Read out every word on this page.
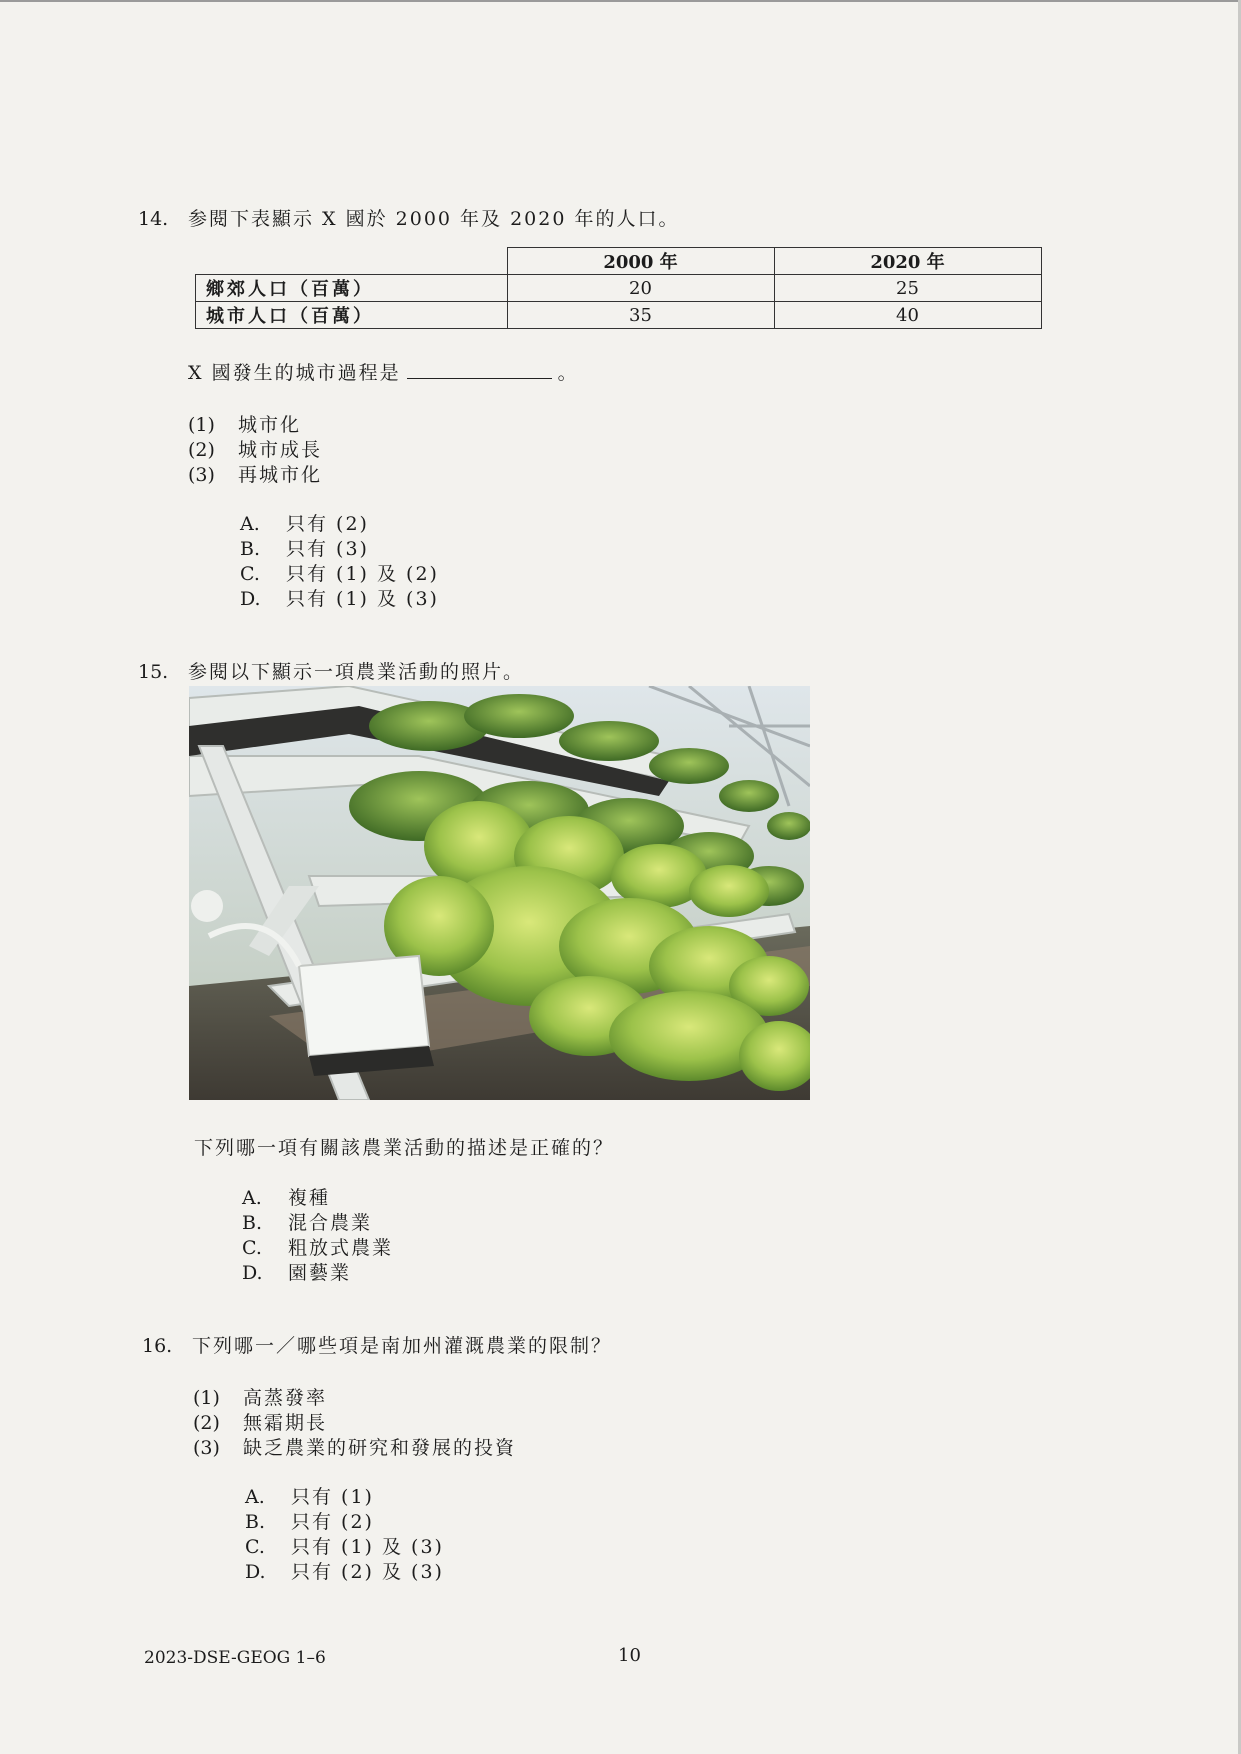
14. 参閱下表顯示 X 國於 2000 年及 2020 年的人口。
	2000 年	2020 年
鄉郊人口（百萬）	20	25
城市人口（百萬）	35	40
X 國發生的城市過程是	。
(1) 城市化
(2) 城市成長
(3) 再城市化
A. 只有 (2)
B. 只有 (3)
C. 只有 (1) 及 (2)
D. 只有 (1) 及 (3)
15. 参閱以下顯示一項農業活動的照片。
下列哪一項有關該農業活動的描述是正確的？
A. 複種
B. 混合農業
C. 粗放式農業
D. 園藝業
16. 下列哪一／哪些項是南加州灌溉農業的限制？
(1) 高蒸發率
(2) 無霜期長
(3) 缺乏農業的研究和發展的投資
A. 只有 (1)
B. 只有 (2)
C. 只有 (1) 及 (3)
D. 只有 (2) 及 (3)
2023-DSE-GEOG 1–6	10
